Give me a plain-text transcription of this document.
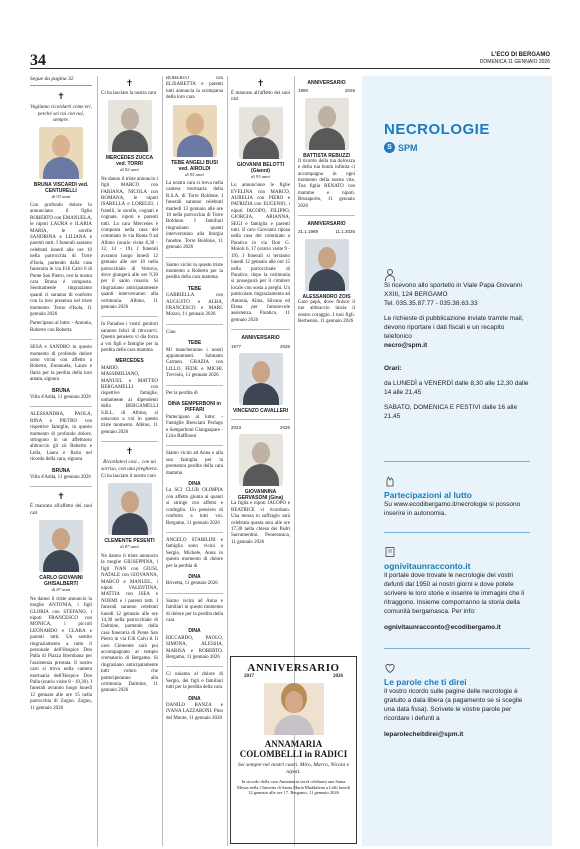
34	L'ECO DI BERGAMO
DOMENICA 11 GENNAIO 2026
Segue da pagina 32
✝
Vogliamo ricordarti come eri, perché sei rai con noi, sempre.
BRUNA VISCARDI ved. CENTURELLI
di 93 anni
Con profondo dolore lo annunciano il figlio ROBERTO con EMANUELA, le nipoti LAURA e ILARIA MARIA, le sorelle SANDRINA e LILIANA e parenti tutti. I funerali saranno celebrati lunedì alle ore 10 nella parrocchia di Torre d'Isola, partendo dalla casa funeraria in via F.lli Calvi 6 di Ponte San Pietro, ove la nostra cara Bruna è composta. Sentitamente ringraziamo quanti ci saranno di conforto con la loro presenza nel triste momento. Terno d'Isola, 11 gennaio 2026
Partecipano al lutto: - Antonia, Roberto con Roberta
SESA e SANDRO in questo momento di profondo dolore sono vicini con affetto a Roberto, Emanuela, Laura e Ilaria per la perdita della loro amata, signora
BRUNA
Villa d'Adda, 11 gennaio 2026
ALESSANDRA, PAOLA, RINA e PIETRO con rispettive famiglie, in questo momento di profondo dolore, stringono in un affettuoso abbraccio gli zii Roberto e Lella, Laura e Ilaria nel ricordo della cara, signora
BRUNA
Villa d'Adda, 11 gennaio 2026
✝
È mancato all'affetto dei suoi cari
CARLO GIOVANNI GHISALBERTI
di 87 anni
Ne danno il triste annuncio la moglie ANTONIA, i figli GLORIA con STEFANO, i nipoti FRANCESCO con MONICA, i piccoli LEONARDO e CLARA e parenti tutti. Un sentito ringraziamento a tutto il personale dell'Hospice Don Palla di Piazza Brembana per l'assistenza prestata. Il nostro caro si trova nella camera mortuaria dell'Hospice Don Palla (orario visite 8 - 19,30). I funerali avranno luogo lunedì 12 gennaio alle ore 15 nella parrocchia di Zogno. Zogno, 11 gennaio 2026
✝
Ci ha lasciato la nostra cara
MERCEDES ZUCCA ved. TORRI
di 92 anni
Ne danno il triste annuncio i figli MARCO con FABIANA, NICOLA con ROMANA, le nipoti ISABELLA e LORELEI, i fratelli, le sorelle, cognati e cognate, nipoti e parenti tutti. La cara Mercedes è composta nella casa del commiato in via Roma 9 ad Albino (orario visite 8,30 - 12, 14 - 19). I funerali avranno luogo lunedì 12 gennaio alle ore 10 nella parrocchiale di Vertova, dove giungerà alle ore 9,30 per il santo rosario. Si ringraziano anticipatamente quanti interverranno alla cerimonia. Albino, 11 gennaio 2026
In Paradiso i vostri genitori saranno felici di ritrovarvi. Questo pensiero vi dia forza a voi figli e famiglie per la perdita della cara mamma
MERCEDES
MARIO, MASSIMILIANO, MANUEL e MATTEO BERGAMELLI con rispettive famiglie, unitamente ai dipendenti della BERGAMELLI S.R.L. di Albino, si uniscono a voi in questo triste momento. Albino, 11 gennaio 2026
✝
Ricordatevi così... con un sorriso, con una preghiera.
Ci ha lasciato il nostro caro
CLEMENTE PESENTI
di 87 anni
Ne danno il triste annuncio la moglie GIUSEPPINA, i figli IVAN con GIUSI, NATALE con GIOVANNA, MARCO e MANUEL, i nipoti VALENTINA, MATTIA con ISEA e NOEMI e i parenti tutti. I funerali saranno celebrati lunedì 12 gennaio alle ore 14,30 nella parrocchiale di Dalmine, partendo dalla casa funeraria di Ponte San Pietro in via F.lli Calvi 8. Il caro Clemente sarà poi accompagnato al tempio crematorio di Bergamo. Si ringraziano anticipatamente tutti coloro che parteciperanno alla cerimonia. Dalmine, 11 gennaio 2026
ROBERTO con ELISABETTA e parenti tutti annuncia la scomparsa della loro cara
TEBE ANGELI BUSI ved. AIROLDI
di 95 anni
La nostra cara si trova nella camera mortuaria della R.S.A. di Torre Boldone. I funerali saranno celebrati martedì 13 gennaio alle ore 10 nella parrocchia di Torre Boldone. I familiari ringraziano quanti interverranno alla liturgia funebre. Torre Boldone, 11 gennaio 2026
Siamo vicini in questo triste momento a Roberto per la perdita della cara mamma
TEBE
GABRIELLA con AUGUSTO e ALBA, FRANCESCO e MARI. Mozzo, 11 gennaio 2026
Ciao
TEBE
Mi mancheranno i nostri appuntamenti. Salutami Carmen. GRAZIA con LILLO, FEDE e MICHI. Treviolo, 11 gennaio 2026
Per la perdita di
DINA SEMPERBONI in PIFFARI
Partecipano al lutto: - Famiglie Bresciani Perlago e Semperboni Giangaspare - Lirio Raffinoni
Siamo vicini ad Anna e alla sua famiglia per la prematura perdita della cara mamma
DINA
La SCI CLUB OLIMPIA con affetto giunta ai quanti si stringe con affetto e cordoglio. Un pensiero di conforto a tutti voi. Bergamo, 11 gennaio 2026
ANGELO STABILINI e famiglia sono vicini a Sergio, Michele, Anna in questo momento di dolore per la perdita di
DINA
Brivetta, 11 gennaio 2026
Siamo vicini ad Anna e familiari in questo momento di dolore per la perdita della cara
DINA
RICCARDO, PAOLO, SIMONA, ALESSIA, MARISA e ROBERTO. Bergamo, 11 gennaio 2026
Ci uniamo al dolore di Sergio, dei figli e familiari tutti per la perdita della cara
DINA
DANILO BANZA e IVANA LAZZARONI. Pino del Monte, 11 gennaio 2026
✝
È mancato all'affetto dei suoi cari
GIOVANNI BELOTTI (Gianni)
di 93 anni
Lo annunciano le figlie EVELINA con MARCO, AURELIA con PIERO e PATRIZIA con EUGENIO, i nipoti JACOPO, FILIPPO, GIORGIA, ARIANNA, SEGI e famiglia e parenti tutti. Il caro Giovanni riposa nella casa del commiato a Paratico in via Don G. Moioli 6, 17 (orario visite 9 - 19). I funerali si terranno lunedì 12 gennaio alle ore 15 nella parrocchiale di Paratico, dopo la cerimonia si proseguirà per il cimitero locale con sosta a preghi. Un particolare ringraziamento ad Antonia, Alina, Silvana ed Elena per l'amorevole assistenza. Paratico, 11 gennaio 2026
ANNIVERSARIO
1977	2026
VINCENZO CAVALLERI
2023	2026
GIOVANNINA GERVASONI (Gina)
La figlia e nipoti JACOPO e BEATRICE vi ricordano. Una messa in suffragio sarà celebrata questa sera alle ore 17,30 nella chiesa dei Padri Sacramentini. Ponteranica, 11 gennaio 2026
ANNIVERSARIO
1990	2026
BATTISTA REBUZZI
Il ricordo della tua dolcezza e della tua bontà infinita ci accompagna in ogni momento della nostra vita. Tua figlia RENATO con mamme e nipoti. Brusaporto, 11 gennaio 2026
ANNIVERSARIO
21.1.1989	11.1.2026
ALESSANDRO ZOIS
Caro papà, dove finisce il tuo abbraccio inizia il nostro coraggio. I tuoi figli. Berbenno, 11 gennaio 2026
ANNIVERSARIO
2017	2026
ANNAMARIA COLOMBELLI in RADICI
Sei sempre nei nostri cuori. Miro, Marco, Nicola e nipoti.
In ricordo della cara Annamaria verrà celebrata una Santa Messa nella Chiesetta di Santa Maria Maddalena a Lelli lunedì 12 gennaio alle ore 17. Bergamo, 11 gennaio 2026
NECROLOGIE
S SPM
Si ricevono allo sportello in Viale Papa Giovanni XXIII, 124 BERGAMO
Tel. 035.35.87.77 - 035.38.63.33
Le richieste di pubblicazione inviate tramite mail, devono riportare i dati fiscali e un recapito telefonico
necro@spm.it
Orari:
da LUNEDÌ a VENERDÌ dalle 8,30 alle 12,30 dalle 14 alle 21,45
SABATO, DOMENICA E FESTIVI dalle 16 alle 21,45
Partecipazioni al lutto
Su www.ecodibergamo.it/necrologie si possono inserire in autonomia.
ognivitaunracconto.it
Il portale dove trovate le necrologie dei vostri defunti dal 1950 ai nostri giorni e dove potete scrivere le loro storie e inserire le immagini che li ritraggono. Insieme comporranno la storia della comunità bergamasca. Per info:
ognivitaunracconto@ecodibergamo.it
Le parole che ti direi
Il vostro ricordo sulle pagine delle necrologie è gratuito a data libera (a pagamento se si sceglie una data fissa). Scrivete le vostre parole per ricordare i defunti a
leparolecheitdirei@spm.it
